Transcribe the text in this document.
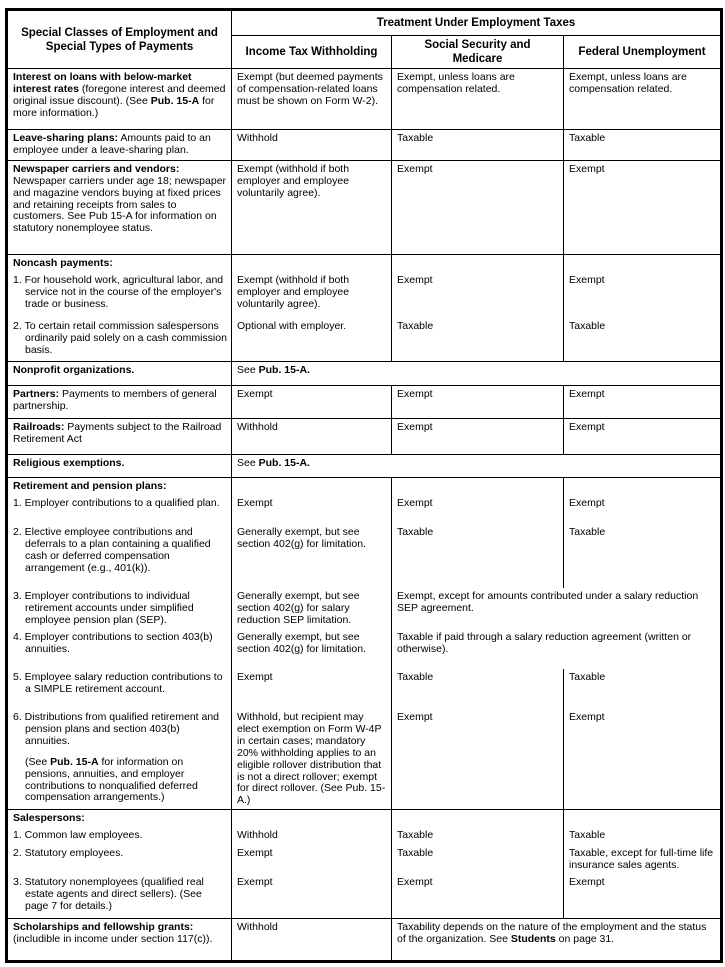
Special Classes of Employment and
Special Types of Payments	Treatment Under Employment Taxes		
	Income Tax Withholding	Social Security and
Medicare	Federal Unemployment
Interest on loans with below-market interest rates (foregone interest and deemed original issue discount). (See Pub. 15-A for more information.)	Exempt (but deemed payments of compensation-related loans must be shown on Form W-2).	Exempt, unless loans are compensation related.	Exempt, unless loans are compensation related.
Leave-sharing plans: Amounts paid to an employee under a leave-sharing plan.	Withhold	Taxable	Taxable

Newspaper carriers and vendors:
Newspaper carriers under age 18; newspaper and magazine vendors buying at fixed prices and retaining receipts from sales to customers. See Pub 15-A for information on statutory nonemployee status.	Exempt (withhold if both employer and employee voluntarily agree).	Exempt	Exempt
Noncash payments:			
1. For household work, agricultural labor, and service not in the course of the employer's trade or business.	Exempt (withhold if both employer and employee voluntarily agree).	Exempt	Exempt
2. To certain retail commission salespersons ordinarily paid solely on a cash commission basis.	Optional with employer.	Taxable	Taxable
Nonprofit organizations.	See Pub. 15-A.		
Partners: Payments to members of general partnership.	Exempt	Exempt	Exempt
Railroads: Payments subject to the Railroad Retirement Act	Withhold	Exempt	Exempt
Religious exemptions.	See Pub. 15-A.		
Retirement and pension plans:			
1. Employer contributions to a qualified plan.	Exempt	Exempt	Exempt
2. Elective employee contributions and deferrals to a plan containing a qualified cash or deferred compensation arrangement (e.g., 401(k)).	Generally exempt, but see section 402(g) for limitation.	Taxable	Taxable
3. Employer contributions to individual retirement accounts under simplified employee pension plan (SEP).	Generally exempt, but see section 402(g) for salary reduction SEP limitation.	Exempt, except for amounts contributed under a salary reduction SEP agreement.	
4. Employer contributions to section 403(b) annuities.	Generally exempt, but see section 402(g) for limitation.	Taxable if paid through a salary reduction agreement (written or otherwise).	
5. Employee salary reduction contributions to a SIMPLE retirement account.	Exempt	Taxable	Taxable
6. Distributions from qualified retirement and pension plans and section 403(b) annuities.
(See Pub. 15-A for information on pensions, annuities, and employer contributions to nonqualified deferred compensation arrangements.)
	Withhold, but recipient may elect exemption on Form W-4P in certain cases; mandatory 20% withholding applies to an eligible rollover distribution that is not a direct rollover; exempt for direct rollover. (See Pub. 15-A.)	Exempt	Exempt
Salespersons:			
1. Common law employees.	Withhold	Taxable	Taxable
2. Statutory employees.	Exempt	Taxable	Taxable, except for full-time life insurance sales agents.
3. Statutory nonemployees (qualified real estate agents and direct sellers). (See page 7 for details.)	Exempt	Exempt	Exempt

Scholarships and fellowship grants:
(includible in income under section 117(c)).	Withhold	Taxability depends on the nature of the employment and the status of the organization. See Students on page 31.	
